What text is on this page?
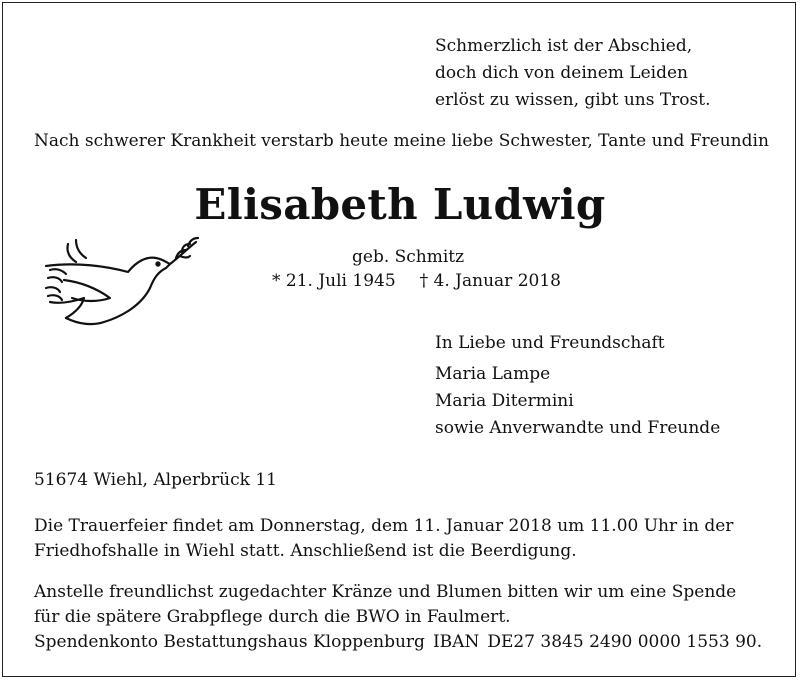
Schmerzlich ist der Abschied,
doch dich von deinem Leiden
erlöst zu wissen, gibt uns Trost.
Nach schwerer Krankheit verstarb heute meine liebe Schwester, Tante und Freundin
Elisabeth Ludwig
geb. Schmitz
* 21. Juli 1945 † 4. Januar 2018
In Liebe und Freundschaft
Maria Lampe
Maria Ditermini
sowie Anverwandte und Freunde
51674 Wiehl, Alperbrück 11
Die Trauerfeier findet am Donnerstag, dem 11. Januar 2018 um 11.00 Uhr in der Friedhofshalle in Wiehl statt. Anschließend ist die Beerdigung.
Anstelle freundlichst zugedachter Kränze und Blumen bitten wir um eine Spende für die spätere Grabpflege durch die BWO in Faulmert.
Spendenkonto Bestattungshaus Kloppenburg IBAN DE27 3845 2490 0000 1553 90.
